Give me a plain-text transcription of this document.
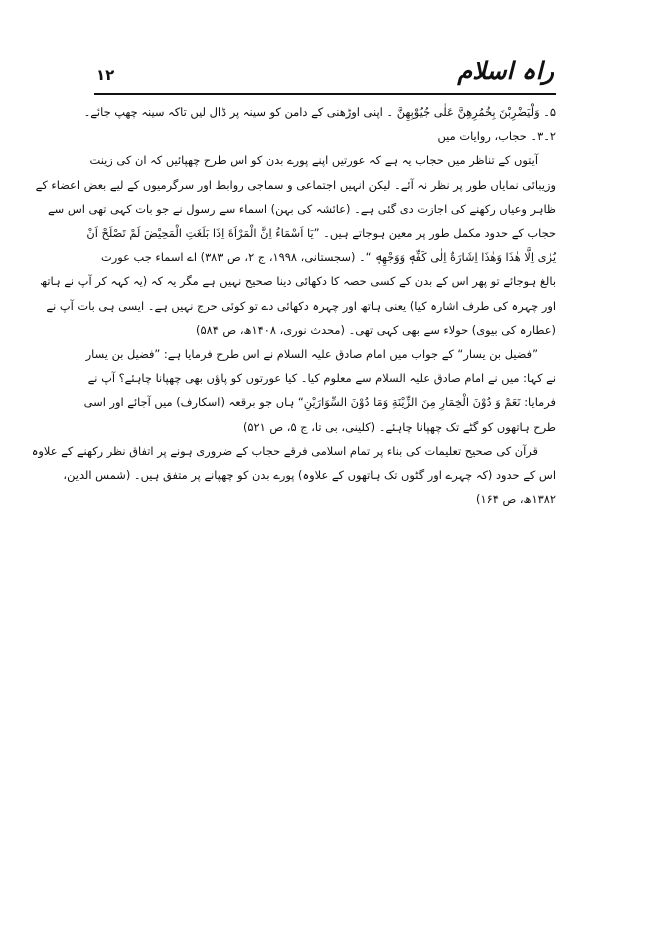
۱۲	راہ اسلام
۵۔ وَلْيَضْرِبْنَ بِخُمُرِهِنَّ عَلٰى جُيُوْبِهِنَّ ۔ اپنی اوڑھنی کے دامن کو سینہ پر ڈال لیں تاکہ سینہ چھپ جائے۔
۲۔۳۔ حجاب، روایات میں
آیتوں کے تناظر میں حجاب یہ ہے کہ عورتیں اپنے پورے بدن کو اس طرح چھپائیں کہ ان کی زینت
وزیبائی نمایاں طور پر نظر نہ آئے۔ لیکن انہیں اجتماعی و سماجی روابط اور سرگرمیوں کے لیے بعض اعضاء کے
ظاہر وعیاں رکھنے کی اجازت دی گئی ہے۔ (عائشہ کی بہن) اسماء سے رسول نے جو بات کہی تھی اس سے
حجاب کے حدود مکمل طور پر معین ہوجاتے ہیں۔ ”يَا اَسْمَاءُ اِنَّ الْمَرْاَةَ اِذَا بَلَغَتِ الْمَحِيْضَ لَمْ تَصْلَحْ اَنْ
يُرٰى اِلَّا هٰذَا وَهٰذَا اِشَارَةٌ اِلٰى كَفِّهٖ وَوَجْهِهٖ “۔ (سجستانی، ۱۹۹۸، ج ۲، ص ۳۸۳) اے اسماء جب عورت
بالغ ہوجائے تو پھر اس کے بدن کے کسی حصہ کا دکھائی دینا صحیح نہیں ہے مگر یہ کہ (یہ کہہ کر آپ نے ہاتھ
اور چہرہ کی طرف اشارہ کیا) یعنی ہاتھ اور چہرہ دکھائی دے تو کوئی حرج نہیں ہے۔ ایسی ہی بات آپ نے
(عطارہ کی بیوی) حولاء سے بھی کہی تھی۔ (محدث نوری، ۱۴۰۸ھ، ص ۵۸۴)
”فضیل بن یسار“ کے جواب میں امام صادق علیہ السلام نے اس طرح فرمایا ہے: ”فضیل بن یسار
نے کہا: میں نے امام صادق علیہ السلام سے معلوم کیا۔ کیا عورتوں کو پاؤں بھی چھپانا چاہئے؟ آپ نے
فرمایا: نَعَمْ وَ دُوْنَ الْخِمَارِ مِنَ الزِّيْنَةِ وَمَا دُوْنَ السِّوَارَيْنِ“ ہاں جو برقعہ (اسکارف) میں آجائے اور اسی
طرح ہاتھوں کو گٹے تک چھپانا چاہئے۔ (کلینی، بی تا، ج ۵، ص ۵۲۱)
قرآن کی صحیح تعلیمات کی بناء پر تمام اسلامی فرقے حجاب کے ضروری ہونے پر اتفاق نظر رکھنے کے علاوہ
اس کے حدود (کہ چہرے اور گٹوں تک ہاتھوں کے علاوہ) پورے بدن کو چھپانے پر متفق ہیں۔ (شمس الدین،
۱۳۸۲ھ، ص ۱۶۴)
